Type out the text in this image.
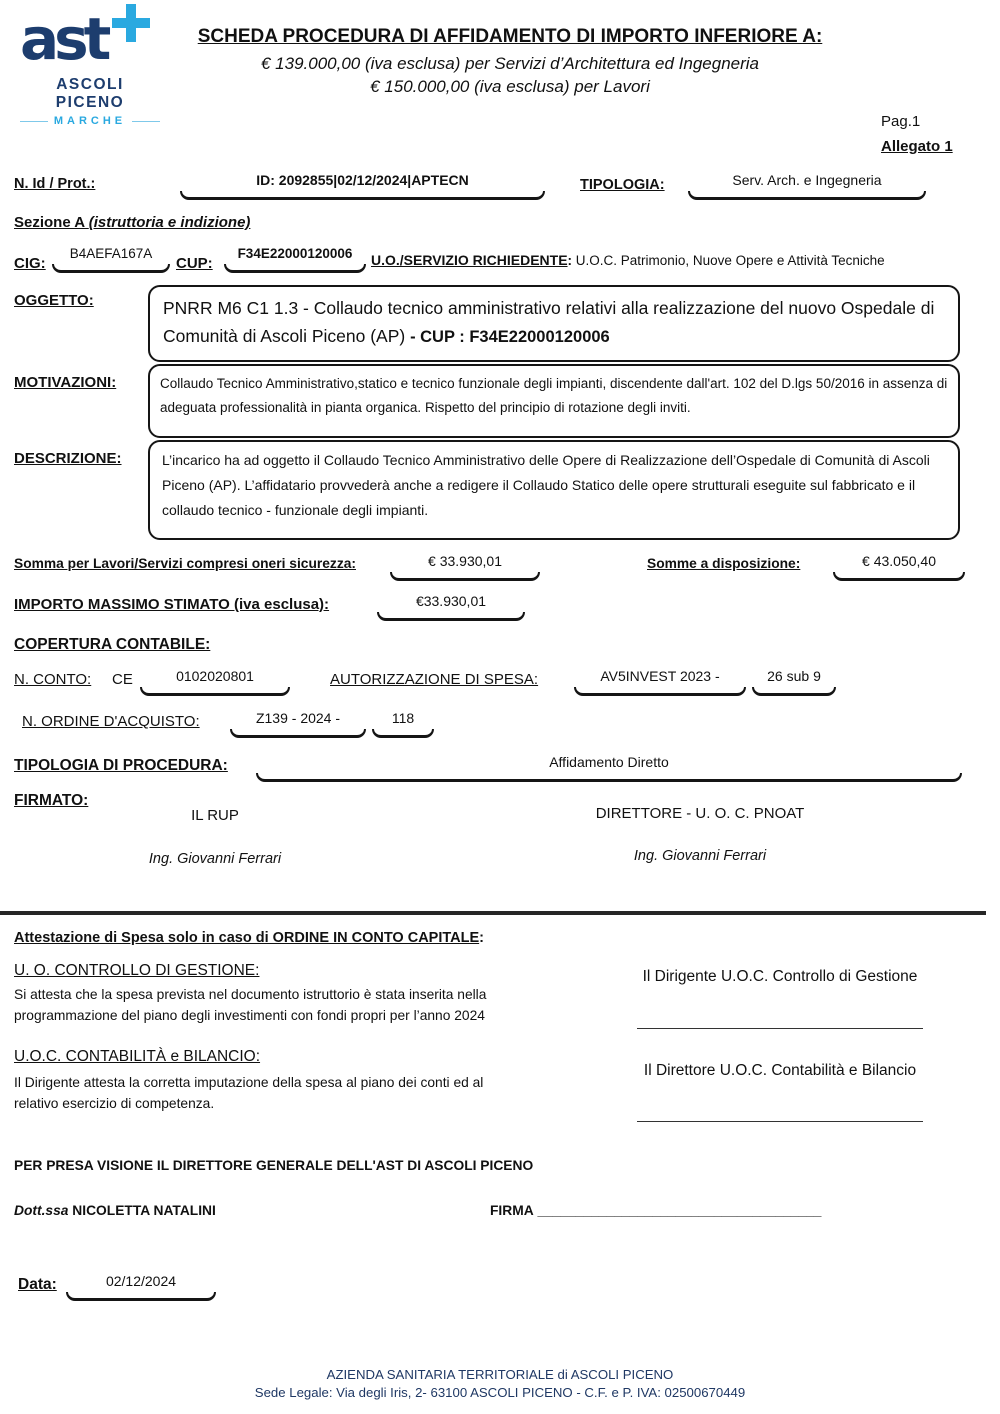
ast
ASCOLI PICENO
MARCHE
SCHEDA PROCEDURA DI AFFIDAMENTO DI IMPORTO INFERIORE A:
€ 139.000,00 (iva esclusa) per Servizi d’Architettura ed Ingegneria
€ 150.000,00 (iva esclusa) per Lavori
Pag.1
Allegato 1
N. Id / Prot.:	ID: 2092855|02/12/2024|APTECN	TIPOLOGIA:	Serv. Arch. e Ingegneria
Sezione A (istruttoria e indizione)
CIG:
B4AEFA167A
CUP:
F34E22000120006	U.O./SERVIZIO RICHIEDENTE: U.O.C. Patrimonio, Nuove Opere e Attività Tecniche
OGGETTO:	PNRR M6 C1 1.3 - Collaudo tecnico amministrativo relativi alla realizzazione del nuovo Ospedale di Comunità di Ascoli Piceno (AP) - CUP : F34E22000120006
MOTIVAZIONI:	Collaudo Tecnico Amministrativo,statico e tecnico funzionale degli impianti, discendente dall'art. 102 del D.lgs 50/2016 in assenza di adeguata professionalità in pianta organica. Rispetto del principio di rotazione degli inviti.
DESCRIZIONE:	L’incarico ha ad oggetto il Collaudo Tecnico Amministrativo delle Opere di Realizzazione dell’Ospedale di Comunità di Ascoli Piceno (AP). L’affidatario provvederà anche a redigere il Collaudo Statico delle opere strutturali eseguite sul fabbricato e il collaudo tecnico - funzionale degli impianti.
Somma per Lavori/Servizi compresi oneri sicurezza:	€ 33.930,01	Somme a disposizione:	€ 43.050,40
IMPORTO MASSIMO STIMATO (iva esclusa):	€33.930,01
COPERTURA CONTABILE:
N. CONTO: CE	0102020801	AUTORIZZAZIONE DI SPESA:	AV5INVEST 2023 -	26 sub 9
N. ORDINE D'ACQUISTO:	Z139 - 2024 -	118
TIPOLOGIA DI PROCEDURA:	Affidamento Diretto
FIRMATO:
IL RUP	DIRETTORE - U. O. C. PNOAT
Ing. Giovanni Ferrari	Ing. Giovanni Ferrari
Attestazione di Spesa solo in caso di ORDINE IN CONTO CAPITALE:
U. O. CONTROLLO DI GESTIONE:
Si attesta che la spesa prevista nel documento istruttorio è stata inserita nella programmazione del piano degli investimenti con fondi propri per l’anno 2024
Il Dirigente U.O.C. Controllo di Gestione
U.O.C. CONTABILITÀ e BILANCIO:
Il Dirigente attesta la corretta imputazione della spesa al piano dei conti ed al relativo esercizio di competenza.
Il Direttore U.O.C. Contabilità e Bilancio
PER PRESA VISIONE IL DIRETTORE GENERALE DELL'AST DI ASCOLI PICENO
Dott.ssa NICOLETTA NATALINI	FIRMA _____________________________________
Data:	02/12/2024
AZIENDA SANITARIA TERRITORIALE di ASCOLI PICENO
Sede Legale: Via degli Iris, 2- 63100 ASCOLI PICENO - C.F. e P. IVA: 02500670449
